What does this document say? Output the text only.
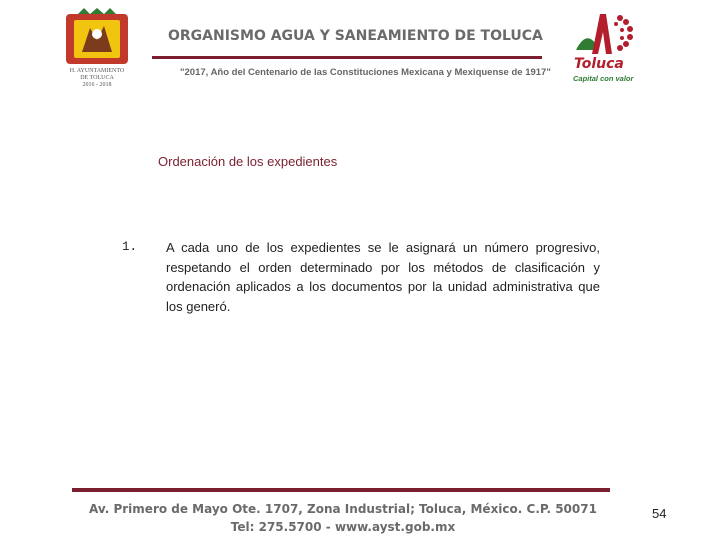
H. AYUNTAMIENTO
DE TOLUCA
2016 - 2018
ORGANISMO AGUA Y SANEAMIENTO DE TOLUCA
"2017, Año del Centenario de las Constituciones Mexicana y Mexiquense de 1917"
Toluca
Capital con valor
Ordenación de los expedientes
1. A cada uno de los expedientes se le asignará un número progresivo, respetando el orden determinado por los métodos de clasificación y ordenación aplicados a los documentos por la unidad administrativa que los generó.
Av. Primero de Mayo Ote. 1707, Zona Industrial; Toluca, México. C.P. 50071
Tel: 275.5700 - www.ayst.gob.mx
54
